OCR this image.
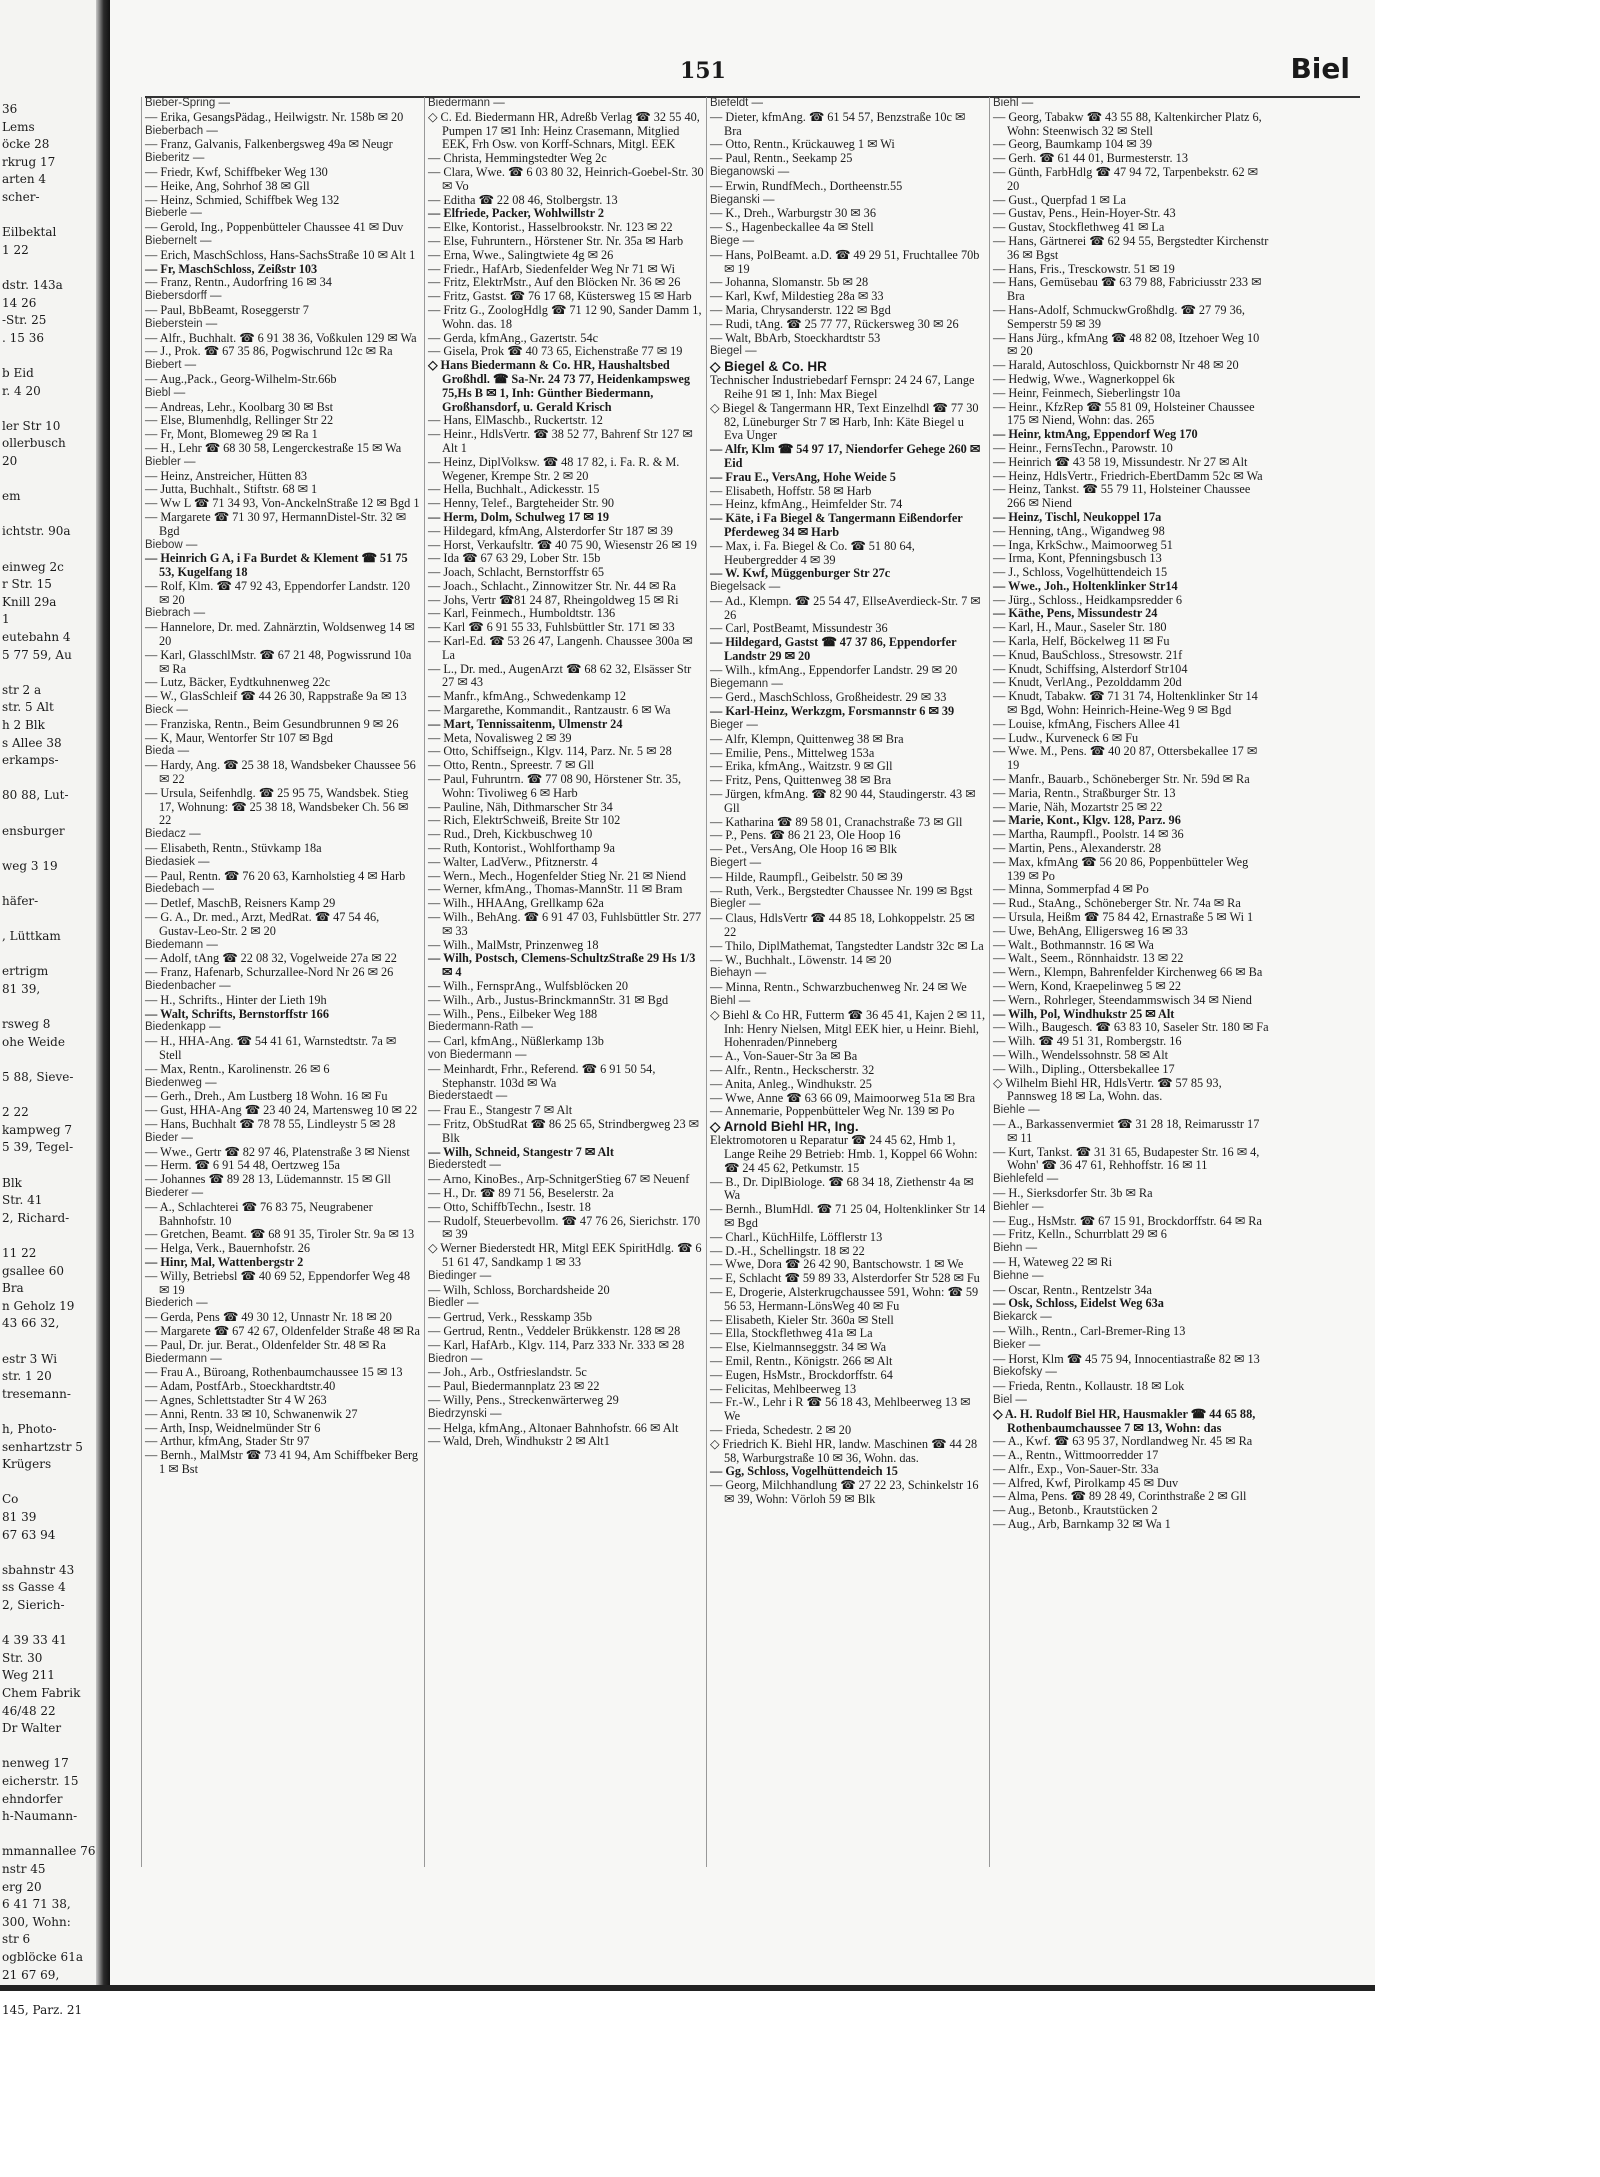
36
Lems
öcke 28
rkrug 17
arten 4
scher-
Eilbektal
1 22
dstr. 143a
14 26
-Str. 25
. 15 36
b Eid
r. 4 20
ler Str 10
ollerbusch
20
em
ichtstr. 90a
einweg 2c
r Str. 15
Knill 29a
1
eutebahn 4
5 77 59, Au
str 2 a
str. 5 Alt
h 2 Blk
s Allee 38
erkamps-
80 88, Lut-
ensburger
weg 3 19
häfer-
, Lüttkam
ertrigm
81 39,
rsweg 8
ohe Weide
5 88, Sieve-
2 22
kampweg 7
5 39, Tegel-
Blk
Str. 41
2, Richard-
11 22
gsallee 60
Bra
n Geholz 19
43 66 32,
estr 3 Wi
str. 1 20
tresemann-
h, Photo-
senhartzstr 5
Krügers
Co
81 39
67 63 94
sbahnstr 43
ss Gasse 4
2, Sierich-
4 39 33 41
Str. 30
Weg 211
Chem Fabrik
46/48 22
Dr Walter
nenweg 17
eicherstr. 15
ehndorfer
h-Naumann-
mmannallee 76
nstr 45
erg 20
6 41 71 38,
300, Wohn:
str 6
ogblöcke 61a
21 67 69,
145, Parz. 21
151	Biel

Bieber-Spring —

— Erika, GesangsPädag., Heilwigstr. Nr. 158b ✉ 20

Bieberbach —

— Franz, Galvanis, Falkenbergsweg 49a ✉ Neugr

Bieberitz —

— Friedr, Kwf, Schiffbeker Weg 130

— Heike, Ang, Sohrhof 38 ✉ Gll

— Heinz, Schmied, Schiffbek Weg 132

Bieberle —

— Gerold, Ing., Poppenbütteler Chaussee 41 ✉ Duv

Biebernelt —

— Erich, MaschSchloss, Hans-SachsStraße 10 ✉ Alt 1

— Fr, MaschSchloss, Zeißstr 103

— Franz, Rentn., Audorfring 16 ✉ 34

Biebersdorff —

— Paul, BbBeamt, Roseggerstr 7

Bieberstein —

— Alfr., Buchhalt. ☎ 6 91 38 36, Voßkulen 129 ✉ Wa

— J., Prok. ☎ 67 35 86, Pogwischrund 12c ✉ Ra

Biebert —

— Aug.,Pack., Georg-Wilhelm-Str.66b

Biebl —

— Andreas, Lehr., Koolbarg 30 ✉ Bst

— Else, Blumenhdlg, Rellinger Str 22

— Fr, Mont, Blomeweg 29 ✉ Ra 1

— H., Lehr ☎ 68 30 58, Lengerckestraße 15 ✉ Wa

Biebler —

— Heinz, Anstreicher, Hütten 83

— Jutta, Buchhalt., Stiftstr. 68 ✉ 1

— Ww L ☎ 71 34 93, Von-AnckelnStraße 12 ✉ Bgd 1

— Margarete ☎ 71 30 97, HermannDistel-Str. 32 ✉ Bgd

Biebow —

— Heinrich G A, i Fa Burdet & Klement ☎ 51 75 53, Kugelfang 18

— Rolf, Klm. ☎ 47 92 43, Eppendorfer Landstr. 120 ✉ 20

Biebrach —

— Hannelore, Dr. med. Zahnärztin, Woldsenweg 14 ✉ 20

— Karl, GlasschlMstr. ☎ 67 21 48, Pogwissrund 10a ✉ Ra

— Lutz, Bäcker, Eydtkuhnenweg 22c

— W., GlasSchleif ☎ 44 26 30, Rappstraße 9a ✉ 13

Bieck —

— Franziska, Rentn., Beim Gesundbrunnen 9 ✉ 26

— K, Maur, Wentorfer Str 107 ✉ Bgd

Bieda —

— Hardy, Ang. ☎ 25 38 18, Wandsbeker Chaussee 56 ✉ 22

— Ursula, Seifenhdlg. ☎ 25 95 75, Wandsbek. Stieg 17, Wohnung: ☎ 25 38 18, Wandsbeker Ch. 56 ✉ 22

Biedacz —

— Elisabeth, Rentn., Stüvkamp 18a

Biedasiek —

— Paul, Rentn. ☎ 76 20 63, Karnholstieg 4 ✉ Harb

Biedebach —

— Detlef, MaschB, Reisners Kamp 29

— G. A., Dr. med., Arzt, MedRat. ☎ 47 54 46, Gustav-Leo-Str. 2 ✉ 20

Biedemann —

— Adolf, tAng ☎ 22 08 32, Vogelweide 27a ✉ 22

— Franz, Hafenarb, Schurzallee-Nord Nr 26 ✉ 26

Biedenbacher —

— H., Schrifts., Hinter der Lieth 19h

— Walt, Schrifts, Bernstorffstr 166

Biedenkapp —

— H., HHA-Ang. ☎ 54 41 61, Warnstedtstr. 7a ✉ Stell

— Max, Rentn., Karolinenstr. 26 ✉ 6

Biedenweg —

— Gerh., Dreh., Am Lustberg 18 Wohn. 16 ✉ Fu

— Gust, HHA-Ang ☎ 23 40 24, Martensweg 10 ✉ 22

— Hans, Buchhalt ☎ 78 78 55, Lindleystr 5 ✉ 28

Bieder —

— Wwe., Gertr ☎ 82 97 46, Platenstraße 3 ✉ Nienst

— Herm. ☎ 6 91 54 48, Oertzweg 15a

— Johannes ☎ 89 28 13, Lüdemannstr. 15 ✉ Gll

Biederer —

— A., Schlachterei ☎ 76 83 75, Neugrabener Bahnhofstr. 10

— Gretchen, Beamt. ☎ 68 91 35, Tiroler Str. 9a ✉ 13

— Helga, Verk., Bauernhofstr. 26

— Hinr, Mal, Wattenbergstr 2

— Willy, Betriebsl ☎ 40 69 52, Eppendorfer Weg 48 ✉ 19

Biederich —

— Gerda, Pens ☎ 49 30 12, Unnastr Nr. 18 ✉ 20

— Margarete ☎ 67 42 67, Oldenfelder Straße 48 ✉ Ra

— Paul, Dr. jur. Berat., Oldenfelder Str. 48 ✉ Ra

Biedermann —

— Frau A., Büroang, Rothenbaumchaussee 15 ✉ 13

— Adam, PostfArb., Stoeckhardtstr.40

— Agnes, Schlettstadter Str 4 W 263

— Anni, Rentn. 33 ✉ 10, Schwanenwik 27

— Arth, Insp, Weidnelmünder Str 6

— Arthur, kfmAng, Stader Str 97

— Bernh., MalMstr ☎ 73 41 94, Am Schiffbeker Berg 1 ✉ Bst

Biedermann —

◇ C. Ed. Biedermann HR, Adreßb Verlag ☎ 32 55 40, Pumpen 17 ✉1 Inh: Heinz Crasemann, Mitglied EEK, Frh Osw. von Korff-Schnars, Mitgl. EEK

— Christa, Hemmingstedter Weg 2c

— Clara, Wwe. ☎ 6 03 80 32, Heinrich-Goebel-Str. 30 ✉ Vo

— Editha ☎ 22 08 46, Stolbergstr. 13

— Elfriede, Packer, Wohlwillstr 2

— Elke, Kontorist., Hasselbrookstr. Nr. 123 ✉ 22

— Else, Fuhruntern., Hörstener Str. Nr. 35a ✉ Harb

— Erna, Wwe., Salingtwiete 4g ✉ 26

— Friedr., HafArb, Siedenfelder Weg Nr 71 ✉ Wi

— Fritz, ElektrMstr., Auf den Blöcken Nr. 36 ✉ 26

— Fritz, Gastst. ☎ 76 17 68, Küstersweg 15 ✉ Harb

— Fritz G., ZoologHdlg ☎ 71 12 90, Sander Damm 1, Wohn. das. 18

— Gerda, kfmAng., Gazertstr. 54c

— Gisela, Prok ☎ 40 73 65, Eichenstraße 77 ✉ 19

◇ Hans Biedermann & Co. HR, Haushaltsbed Großhdl. ☎ Sa-Nr. 24 73 77, Heidenkampsweg 75,Hs B ✉ 1, Inh: Günther Biedermann, Großhansdorf, u. Gerald Krisch

— Hans, ElMaschb., Ruckertstr. 12

— Heinr., HdlsVertr. ☎ 38 52 77, Bahrenf Str 127 ✉ Alt 1

— Heinz, DiplVolksw. ☎ 48 17 82, i. Fa. R. & M. Wegener, Krempe Str. 2 ✉ 20

— Hella, Buchhalt., Adickesstr. 15

— Henny, Telef., Bargteheider Str. 90

— Herm, Dolm, Schulweg 17 ✉ 19

— Hildegard, kfmAng, Alsterdorfer Str 187 ✉ 39

— Horst, Verkaufsltr. ☎ 40 75 90, Wiesenstr 26 ✉ 19

— Ida ☎ 67 63 29, Lober Str. 15b

— Joach, Schlacht, Bernstorffstr 65

— Joach., Schlacht., Zinnowitzer Str. Nr. 44 ✉ Ra

— Johs, Vertr ☎81 24 87, Rheingoldweg 15 ✉ Ri

— Karl, Feinmech., Humboldtstr. 136

— Karl ☎ 6 91 55 33, Fuhlsbüttler Str. 171 ✉ 33

— Karl-Ed. ☎ 53 26 47, Langenh. Chaussee 300a ✉ La

— L., Dr. med., AugenArzt ☎ 68 62 32, Elsässer Str 27 ✉ 43

— Manfr., kfmAng., Schwedenkamp 12

— Margarethe, Kommandit., Rantzaustr. 6 ✉ Wa

— Mart, Tennissaitenm, Ulmenstr 24

— Meta, Novalisweg 2 ✉ 39

— Otto, Schiffseign., Klgv. 114, Parz. Nr. 5 ✉ 28

— Otto, Rentn., Spreestr. 7 ✉ Gll

— Paul, Fuhruntrn. ☎ 77 08 90, Hörstener Str. 35, Wohn: Tivoliweg 6 ✉ Harb

— Pauline, Näh, Dithmarscher Str 34

— Rich, ElektrSchweiß, Breite Str 102

— Rud., Dreh, Kickbuschweg 10

— Ruth, Kontorist., Wohlforthamp 9a

— Walter, LadVerw., Pfitznerstr. 4

— Wern., Mech., Hogenfelder Stieg Nr. 21 ✉ Niend

— Werner, kfmAng., Thomas-MannStr. 11 ✉ Bram

— Wilh., HHAAng, Grellkamp 62a

— Wilh., BehAng. ☎ 6 91 47 03, Fuhlsbüttler Str. 277 ✉ 33

— Wilh., MalMstr, Prinzenweg 18

— Wilh, Postsch, Clemens-SchultzStraße 29 Hs 1/3 ✉ 4

— Wilh., FernsprAng., Wulfsblöcken 20

— Wilh., Arb., Justus-BrinckmannStr. 31 ✉ Bgd

— Wilh., Pens., Eilbeker Weg 188

Biedermann-Rath —

— Carl, kfmAng., Nüßlerkamp 13b

von Biedermann —

— Meinhardt, Frhr., Referend. ☎ 6 91 50 54, Stephanstr. 103d ✉ Wa

Biederstaedt —

— Frau E., Stangestr 7 ✉ Alt

— Fritz, ObStudRat ☎ 86 25 65, Strindbergweg 23 ✉ Blk

— Wilh, Schneid, Stangestr 7 ✉ Alt

Biederstedt —

— Arno, KinoBes., Arp-SchnitgerStieg 67 ✉ Neuenf

— H., Dr. ☎ 89 71 56, Beselerstr. 2a

— Otto, SchiffbTechn., Isestr. 18

— Rudolf, Steuerbevollm. ☎ 47 76 26, Sierichstr. 170 ✉ 39

◇ Werner Biederstedt HR, Mitgl EEK SpiritHdlg. ☎ 6 51 61 47, Sandkamp 1 ✉ 33

Biedinger —

— Wilh, Schloss, Borchardsheide 20

Biedler —

— Gertrud, Verk., Resskamp 35b

— Gertrud, Rentn., Veddeler Brükkenstr. 128 ✉ 28

— Karl, HafArb., Klgv. 114, Parz 333 Nr. 333 ✉ 28

Biedron —

— Joh., Arb., Ostfrieslandstr. 5c

— Paul, Biedermannplatz 23 ✉ 22

— Willy, Pens., Streckenwärterweg 29

Biedrzynski —

— Helga, kfmAng., Altonaer Bahnhofstr. 66 ✉ Alt

— Wald, Dreh, Windhukstr 2 ✉ Alt1

Biefeldt —

— Dieter, kfmAng. ☎ 61 54 57, Benzstraße 10c ✉ Bra

— Otto, Rentn., Krückauweg 1 ✉ Wi

— Paul, Rentn., Seekamp 25

Bieganowski —

— Erwin, RundfMech., Dortheenstr.55

Bieganski —

— K., Dreh., Warburgstr 30 ✉ 36

— S., Hagenbeckallee 4a ✉ Stell

Biege —

— Hans, PolBeamt. a.D. ☎ 49 29 51, Fruchtallee 70b ✉ 19

— Johanna, Slomanstr. 5b ✉ 28

— Karl, Kwf, Mildestieg 28a ✉ 33

— Maria, Chrysanderstr. 122 ✉ Bgd

— Rudi, tAng. ☎ 25 77 77, Rückersweg 30 ✉ 26

— Walt, BbArb, Stoeckhardtstr 53

Biegel —

◇ Biegel & Co. HR

Technischer Industriebedarf Fernspr: 24 24 67, Lange Reihe 91 ✉ 1, Inh: Max Biegel

◇ Biegel & Tangermann HR, Text Einzelhdl ☎ 77 30 82, Lüneburger Str 7 ✉ Harb, Inh: Käte Biegel u Eva Unger

— Alfr, Klm ☎ 54 97 17, Niendorfer Gehege 260 ✉ Eid

— Frau E., VersAng, Hohe Weide 5

— Elisabeth, Hoffstr. 58 ✉ Harb

— Heinz, kfmAng., Heimfelder Str. 74

— Käte, i Fa Biegel & Tangermann Eißendorfer Pferdeweg 34 ✉ Harb

— Max, i. Fa. Biegel & Co. ☎ 51 80 64, Heubergredder 4 ✉ 39

— W. Kwf, Müggenburger Str 27c

Biegelsack —

— Ad., Klempn. ☎ 25 54 47, EllseAverdieck-Str. 7 ✉ 26

— Carl, PostBeamt, Missundestr 36

— Hildegard, Gastst ☎ 47 37 86, Eppendorfer Landstr 29 ✉ 20

— Wilh., kfmAng., Eppendorfer Landstr. 29 ✉ 20

Biegemann —

— Gerd., MaschSchloss, Großheidestr. 29 ✉ 33

— Karl-Heinz, Werkzgm, Forsmannstr 6 ✉ 39

Bieger —

— Alfr, Klempn, Quittenweg 38 ✉ Bra

— Emilie, Pens., Mittelweg 153a

— Erika, kfmAng., Waitzstr. 9 ✉ Gll

— Fritz, Pens, Quittenweg 38 ✉ Bra

— Jürgen, kfmAng. ☎ 82 90 44, Staudingerstr. 43 ✉ Gll

— Katharina ☎ 89 58 01, Cranachstraße 73 ✉ Gll

— P., Pens. ☎ 86 21 23, Ole Hoop 16

— Pet., VersAng, Ole Hoop 16 ✉ Blk

Biegert —

— Hilde, Raumpfl., Geibelstr. 50 ✉ 39

— Ruth, Verk., Bergstedter Chaussee Nr. 199 ✉ Bgst

Biegler —

— Claus, HdlsVertr ☎ 44 85 18, Lohkoppelstr. 25 ✉ 22

— Thilo, DiplMathemat, Tangstedter Landstr 32c ✉ La

— W., Buchhalt., Löwenstr. 14 ✉ 20

Biehayn —

— Minna, Rentn., Schwarzbuchenweg Nr. 24 ✉ We

Biehl —

◇ Biehl & Co HR, Futterm ☎ 36 45 41, Kajen 2 ✉ 11, Inh: Henry Nielsen, Mitgl EEK hier, u Heinr. Biehl, Hohenraden/Pinneberg

— A., Von-Sauer-Str 3a ✉ Ba

— Alfr., Rentn., Heckscherstr. 32

— Anita, Anleg., Windhukstr. 25

— Wwe, Anne ☎ 63 66 09, Maimoorweg 51a ✉ Bra

— Annemarie, Poppenbütteler Weg Nr. 139 ✉ Po

◇ Arnold Biehl HR, Ing.

Elektromotoren u Reparatur ☎ 24 45 62, Hmb 1, Lange Reihe 29 Betrieb: Hmb. 1, Koppel 66 Wohn: ☎ 24 45 62, Petkumstr. 15

— B., Dr. DiplBiologe. ☎ 68 34 18, Ziethenstr 4a ✉ Wa

— Bernh., BlumHdl. ☎ 71 25 04, Holtenklinker Str 14 ✉ Bgd

— Charl., KüchHilfe, Löfflerstr 13

— D.-H., Schellingstr. 18 ✉ 22

— Wwe, Dora ☎ 26 42 90, Bantschowstr. 1 ✉ We

— E, Schlacht ☎ 59 89 33, Alsterdorfer Str 528 ✉ Fu

— E, Drogerie, Alsterkrugchaussee 591, Wohn: ☎ 59 56 53, Hermann-LönsWeg 40 ✉ Fu

— Elisabeth, Kieler Str. 360a ✉ Stell

— Ella, Stockflethweg 41a ✉ La

— Else, Kielmannseggstr. 34 ✉ Wa

— Emil, Rentn., Königstr. 266 ✉ Alt

— Eugen, HsMstr., Brockdorffstr. 64

— Felicitas, Mehlbeerweg 13

— Fr.-W., Lehr i R ☎ 56 18 43, Mehlbeerweg 13 ✉ We

— Frieda, Schedestr. 2 ✉ 20

◇ Friedrich K. Biehl HR, landw. Maschinen ☎ 44 28 58, Warburgstraße 10 ✉ 36, Wohn. das.

— Gg, Schloss, Vogelhüttendeich 15

— Georg, Milchhandlung ☎ 27 22 23, Schinkelstr 16 ✉ 39, Wohn: Vörloh 59 ✉ Blk

Biehl —

— Georg, Tabakw ☎ 43 55 88, Kaltenkircher Platz 6, Wohn: Steenwisch 32 ✉ Stell

— Georg, Baumkamp 104 ✉ 39

— Gerh. ☎ 61 44 01, Burmesterstr. 13

— Günth, FarbHdlg ☎ 47 94 72, Tarpenbekstr. 62 ✉ 20

— Gust., Querpfad 1 ✉ La

— Gustav, Pens., Hein-Hoyer-Str. 43

— Gustav, Stockflethweg 41 ✉ La

— Hans, Gärtnerei ☎ 62 94 55, Bergstedter Kirchenstr 36 ✉ Bgst

— Hans, Fris., Tresckowstr. 51 ✉ 19

— Hans, Gemüsebau ☎ 63 79 88, Fabriciusstr 233 ✉ Bra

— Hans-Adolf, SchmuckwGroßhdlg. ☎ 27 79 36, Semperstr 59 ✉ 39

— Hans Jürg., kfmAng ☎ 48 82 08, Itzehoer Weg 10 ✉ 20

— Harald, Autoschloss, Quickbornstr Nr 48 ✉ 20

— Hedwig, Wwe., Wagnerkoppel 6k

— Heinr, Feinmech, Sieberlingstr 10a

— Heinr., KfzRep ☎ 55 81 09, Holsteiner Chaussee 175 ✉ Niend, Wohn: das. 265

— Heinr, ktmAng, Eppendorf Weg 170

— Heinr., FernsTechn., Parowstr. 10

— Heinrich ☎ 43 58 19, Missundestr. Nr 27 ✉ Alt

— Heinz, HdlsVertr., Friedrich-EbertDamm 52c ✉ Wa

— Heinz, Tankst. ☎ 55 79 11, Holsteiner Chaussee 266 ✉ Niend

— Heinz, Tischl, Neukoppel 17a

— Henning, tAng., Wigandweg 98

— Inga, KrkSchw., Maimoorweg 51

— Irma, Kont, Pfenningsbusch 13

— J., Schloss, Vogelhüttendeich 15

— Wwe., Joh., Holtenklinker Str14

— Jürg., Schloss., Heidkampsredder 6

— Käthe, Pens, Missundestr 24

— Karl, H., Maur., Saseler Str. 180

— Karla, Helf, Böckelweg 11 ✉ Fu

— Knud, BauSchloss., Stresowstr. 21f

— Knudt, Schiffsing, Alsterdorf Str104

— Knudt, VerlAng., Pezolddamm 20d

— Knudt, Tabakw. ☎ 71 31 74, Holtenklinker Str 14 ✉ Bgd, Wohn: Heinrich-Heine-Weg 9 ✉ Bgd

— Louise, kfmAng, Fischers Allee 41

— Ludw., Kurveneck 6 ✉ Fu

— Wwe. M., Pens. ☎ 40 20 87, Ottersbekallee 17 ✉ 19

— Manfr., Bauarb., Schöneberger Str. Nr. 59d ✉ Ra

— Maria, Rentn., Straßburger Str. 13

— Marie, Näh, Mozartstr 25 ✉ 22

— Marie, Kont., Klgv. 128, Parz. 96

— Martha, Raumpfl., Poolstr. 14 ✉ 36

— Martin, Pens., Alexanderstr. 28

— Max, kfmAng ☎ 56 20 86, Poppenbütteler Weg 139 ✉ Po

— Minna, Sommerpfad 4 ✉ Po

— Rud., StaAng., Schöneberger Str. Nr. 74a ✉ Ra

— Ursula, Heißm ☎ 75 84 42, Ernastraße 5 ✉ Wi 1

— Uwe, BehAng, Elligersweg 16 ✉ 33

— Walt., Bothmannstr. 16 ✉ Wa

— Walt., Seem., Rönnhaidstr. 13 ✉ 22

— Wern., Klempn, Bahrenfelder Kirchenweg 66 ✉ Ba

— Wern, Kond, Kraepelinweg 5 ✉ 22

— Wern., Rohrleger, Steendammswisch 34 ✉ Niend

— Wilh, Pol, Windhukstr 25 ✉ Alt

— Wilh., Baugesch. ☎ 63 83 10, Saseler Str. 180 ✉ Fa

— Wilh. ☎ 49 51 31, Rombergstr. 16

— Wilh., Wendelssohnstr. 58 ✉ Alt

— Wilh., Dipling., Ottersbekallee 17

◇ Wilhelm Biehl HR, HdlsVertr. ☎ 57 85 93, Pannsweg 18 ✉ La, Wohn. das.

Biehle —

— A., Barkassenvermiet ☎ 31 28 18, Reimarusstr 17 ✉ 11

— Kurt, Tankst. ☎ 31 31 65, Budapester Str. 16 ✉ 4, Wohn' ☎ 36 47 61, Rehhoffstr. 16 ✉ 11

Biehlefeld —

— H., Sierksdorfer Str. 3b ✉ Ra

Biehler —

— Eug., HsMstr. ☎ 67 15 91, Brockdorffstr. 64 ✉ Ra

— Fritz, Kelln., Schurrblatt 29 ✉ 6

Biehn —

— H, Wateweg 22 ✉ Ri

Biehne —

— Oscar, Rentn., Rentzelstr 34a

— Osk, Schloss, Eidelst Weg 63a

Biekarck —

— Wilh., Rentn., Carl-Bremer-Ring 13

Bieker —

— Horst, Klm ☎ 45 75 94, Innocentiastraße 82 ✉ 13

Biekofsky —

— Frieda, Rentn., Kollaustr. 18 ✉ Lok

Biel —

◇ A. H. Rudolf Biel HR, Hausmakler ☎ 44 65 88, Rothenbaumchaussee 7 ✉ 13, Wohn: das

— A., Kwf. ☎ 63 95 37, Nordlandweg Nr. 45 ✉ Ra

— A., Rentn., Wittmoorredder 17

— Alfr., Exp., Von-Sauer-Str. 33a

— Alfred, Kwf, Pirolkamp 45 ✉ Duv

— Alma, Pens. ☎ 89 28 49, Corinthstraße 2 ✉ Gll

— Aug., Betonb., Krautstücken 2

— Aug., Arb, Barnkamp 32 ✉ Wa 1
